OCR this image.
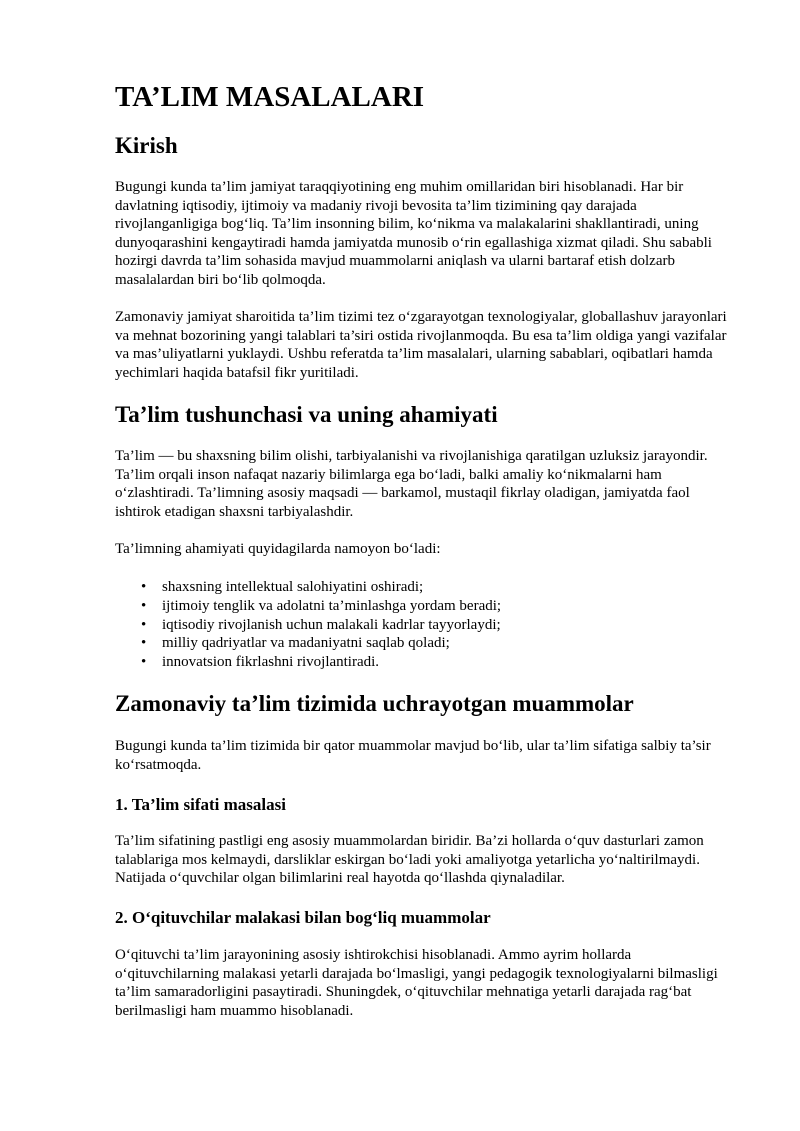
TA’LIM MASALALARI
Kirish

Bugungi kunda ta’lim jamiyat taraqqiyotining eng muhim omillaridan biri hisoblanadi. Har bir davlatning iqtisodiy, ijtimoiy va madaniy rivoji bevosita ta’lim tizimining qay darajada rivojlanganligiga bog‘liq. Ta’lim insonning bilim, ko‘nikma va malakalarini shakllantiradi, uning dunyoqarashini kengaytiradi hamda jamiyatda munosib o‘rin egallashiga xizmat qiladi. Shu sababli hozirgi davrda ta’lim sohasida mavjud muammolarni aniqlash va ularni bartaraf etish dolzarb masalalardan biri bo‘lib qolmoqda.

Zamonaviy jamiyat sharoitida ta’lim tizimi tez o‘zgarayotgan texnologiyalar, globallashuv jarayonlari va mehnat bozorining yangi talablari ta’siri ostida rivojlanmoqda. Bu esa ta’lim oldiga yangi vazifalar va mas’uliyatlarni yuklaydi. Ushbu referatda ta’lim masalalari, ularning sabablari, oqibatlari hamda yechimlari haqida batafsil fikr yuritiladi.

Ta’lim tushunchasi va uning ahamiyati

Ta’lim — bu shaxsning bilim olishi, tarbiyalanishi va rivojlanishiga qaratilgan uzluksiz jarayondir. Ta’lim orqali inson nafaqat nazariy bilimlarga ega bo‘ladi, balki amaliy ko‘nikmalarni ham o‘zlashtiradi. Ta’limning asosiy maqsadi — barkamol, mustaqil fikrlay oladigan, jamiyatda faol ishtirok etadigan shaxsni tarbiyalashdir.

Ta’limning ahamiyati quyidagilarda namoyon bo‘ladi:

• shaxsning intellektual salohiyatini oshiradi;
• ijtimoiy tenglik va adolatni ta’minlashga yordam beradi;
• iqtisodiy rivojlanish uchun malakali kadrlar tayyorlaydi;
• milliy qadriyatlar va madaniyatni saqlab qoladi;
• innovatsion fikrlashni rivojlantiradi.
Zamonaviy ta’lim tizimida uchrayotgan muammolar

Bugungi kunda ta’lim tizimida bir qator muammolar mavjud bo‘lib, ular ta’lim sifatiga salbiy ta’sir ko‘rsatmoqda.

1. Ta’lim sifati masalasi

Ta’lim sifatining pastligi eng asosiy muammolardan biridir. Ba’zi hollarda o‘quv dasturlari zamon talablariga mos kelmaydi, darsliklar eskirgan bo‘ladi yoki amaliyotga yetarlicha yo‘naltirilmaydi. Natijada o‘quvchilar olgan bilimlarini real hayotda qo‘llashda qiynaladilar.

2. O‘qituvchilar malakasi bilan bog‘liq muammolar

O‘qituvchi ta’lim jarayonining asosiy ishtirokchisi hisoblanadi. Ammo ayrim hollarda o‘qituvchilarning malakasi yetarli darajada bo‘lmasligi, yangi pedagogik texnologiyalarni bilmasligi ta’lim samaradorligini pasaytiradi. Shuningdek, o‘qituvchilar mehnatiga yetarli darajada rag‘bat berilmasligi ham muammo hisoblanadi.
